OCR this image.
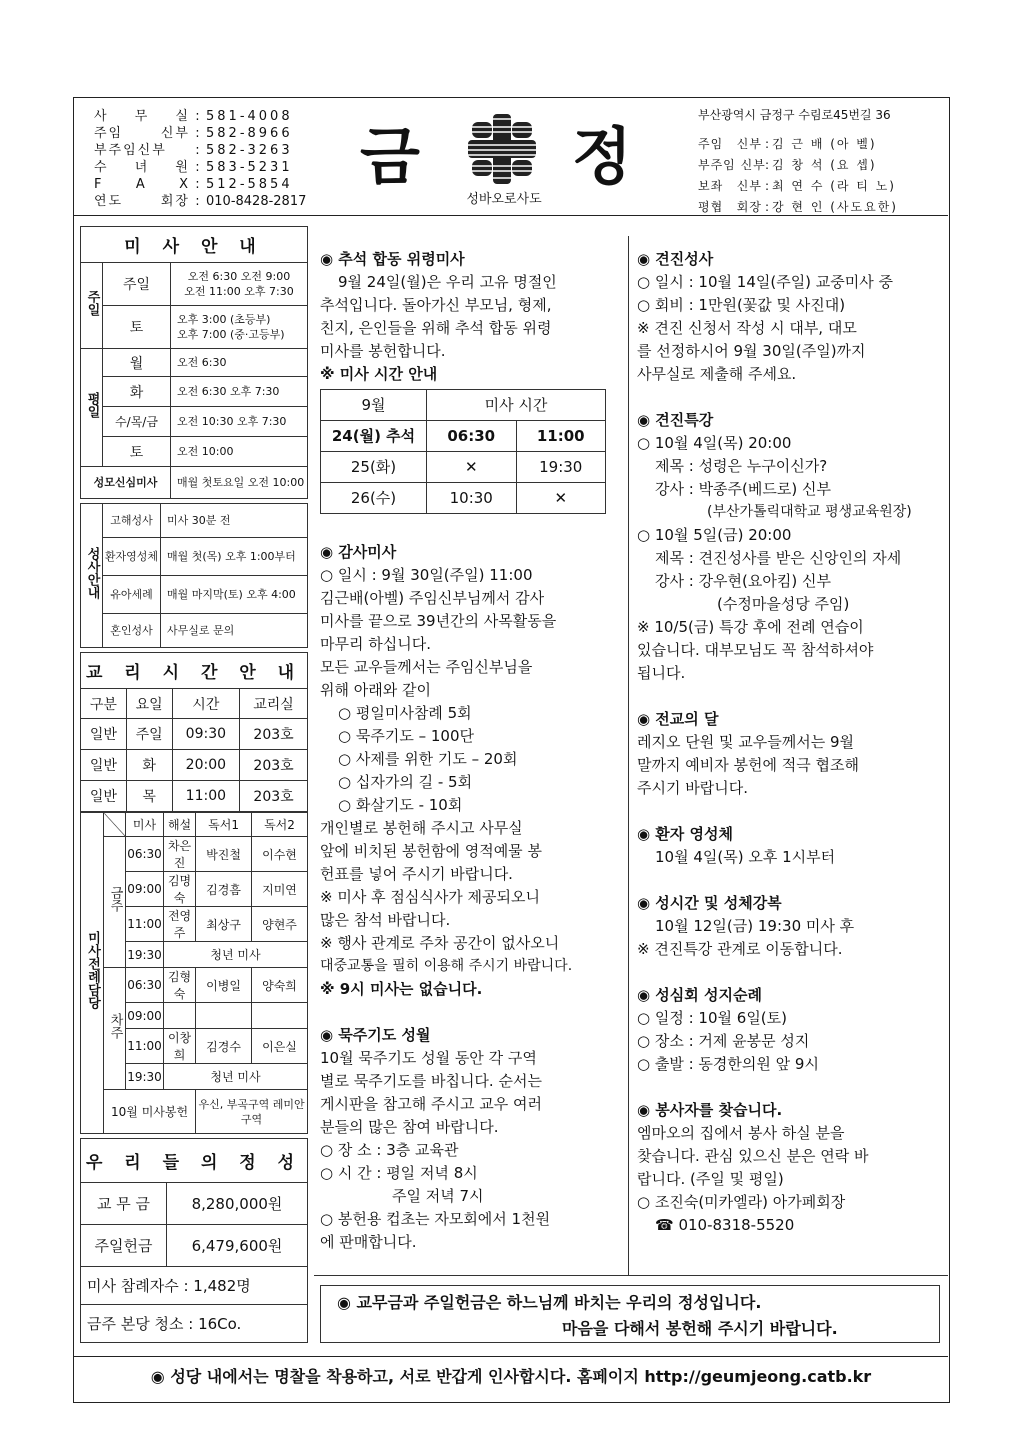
사 무 실 : 581-4008
주임 신부 : 582-8966
부주임신부	: 582-3263
수 녀 원 : 583-5231
F A X : 512-5854
연도 회장 : 010-8428-2817
금 정
성바오로사도
부산광역시 금정구 수림로45번길 36
주임 신부 : 김 근 배 (아 벨)
부주임 신부 : 김 창 석 (요 셉)
보좌 신부 : 최 연 수 (라 티 노)
평협 회장 : 강 현 인 (사도요한)
미 사 안 내		
주일	주일	오전 6:30 오전 9:00
오전 11:00 오후 7:30

	토	오후 3:00 (초등부)
오후 7:00 (중·고등부)

평일	월	오전 6:30
	화	오전 6:30 오후 7:30
	수/목/금	오전 10:30 오후 7:30
	토	오전 10:00
성모신심미사		매월 첫토요일 오전 10:00
성사안내	고해성사	미사 30분 전
	환자영성체	매월 첫(목) 오후 1:00부터
	유아세례	매월 마지막(토) 오후 4:00
	혼인성사	사무실로 문의
교 리 시 간 안 내			
구분	요일	시간	교리실
일반	주일	09:30	203호
일반	화	20:00	203호
일반	목	11:00	203호
미사전례담당		미사	해설	독서1	독서2
	금주	06:30	차은진	박진철	이수현
		09:00	김명숙	김경흠	지미연
		11:00	전영주	최상구	양현주
		19:30	청년 미사		
	차주	06:30	김형숙	이병일	양숙희
		09:00			
		11:00	이창희	김경수	이은실
		19:30	청년 미사		
	10월 미사봉헌			우신, 부곡구역 레미안구역	
우 리 들 의 정 성	
교 무 금	8,280,000원
주일헌금	6,479,600원
미사 참례자수 : 1,482명	
금주 본당 청소 : 16Co.	

◉ 추석 합동 위령미사

9월 24일(월)은 우리 고유 명절인

추석입니다. 돌아가신 부모님, 형제,

친지, 은인들을 위해 추석 합동 위령

미사를 봉헌합니다.

※ 미사 시간 안내

9월	미사 시간	
24(월) 추석	06:30	11:00
25(화)	✕	19:30
26(수)	10:30	✕

◉ 감사미사

○ 일시 : 9월 30일(주일) 11:00

김근배(아벨) 주임신부님께서 감사

미사를 끝으로 39년간의 사목활동을

마무리 하십니다.

모든 교우들께서는 주임신부님을

위해 아래와 같이

○ 평일미사참례 5회

○ 묵주기도 – 100단

○ 사제를 위한 기도 – 20회

○ 십자가의 길 - 5회

○ 화살기도 - 10회

개인별로 봉헌해 주시고 사무실

앞에 비치된 봉헌함에 영적예물 봉

헌표를 넣어 주시기 바랍니다.

※ 미사 후 점심식사가 제공되오니

많은 참석 바랍니다.

※ 행사 관계로 주차 공간이 없사오니

대중교통을 필히 이용해 주시기 바랍니다.

※ 9시 미사는 없습니다.

◉ 묵주기도 성월

10월 묵주기도 성월 동안 각 구역

별로 묵주기도를 바칩니다. 순서는

게시판을 참고해 주시고 교우 여러

분들의 많은 참여 바랍니다.

○ 장 소 : 3층 교육관

○ 시 간 : 평일 저녁 8시

주일 저녁 7시

○ 봉헌용 컵초는 자모회에서 1천원

에 판매합니다.

◉ 견진성사

○ 일시 : 10월 14일(주일) 교중미사 중

○ 회비 : 1만원(꽃값 및 사진대)

※ 견진 신청서 작성 시 대부, 대모

를 선정하시어 9월 30일(주일)까지

사무실로 제출해 주세요.

◉ 견진특강

○ 10월 4일(목) 20:00

제목 : 성령은 누구이신가?

강사 : 박종주(베드로) 신부

(부산가톨릭대학교 평생교육원장)

○ 10월 5일(금) 20:00

제목 : 견진성사를 받은 신앙인의 자세

강사 : 강우현(요아킴) 신부

(수정마을성당 주임)

※ 10/5(금) 특강 후에 전례 연습이

있습니다. 대부모님도 꼭 참석하셔야

됩니다.

◉ 전교의 달

레지오 단원 및 교우들께서는 9월

말까지 예비자 봉헌에 적극 협조해

주시기 바랍니다.

◉ 환자 영성체

10월 4일(목) 오후 1시부터

◉ 성시간 및 성체강복

10월 12일(금) 19:30 미사 후

※ 견진특강 관계로 이동합니다.

◉ 성심회 성지순례

○ 일정 : 10월 6일(토)

○ 장소 : 거제 윤봉문 성지

○ 출발 : 동경한의원 앞 9시

◉ 봉사자를 찾습니다.

엠마오의 집에서 봉사 하실 분을

찾습니다. 관심 있으신 분은 연락 바

랍니다. (주일 및 평일)

○ 조진숙(미카엘라) 아가페회장

☎ 010-8318-5520

◉ 교무금과 주일헌금은 하느님께 바치는 우리의 정성입니다.

마음을 다해서 봉헌해 주시기 바랍니다.

◉ 성당 내에서는 명찰을 착용하고, 서로 반갑게 인사합시다. 홈페이지 http://geumjeong.catb.kr
